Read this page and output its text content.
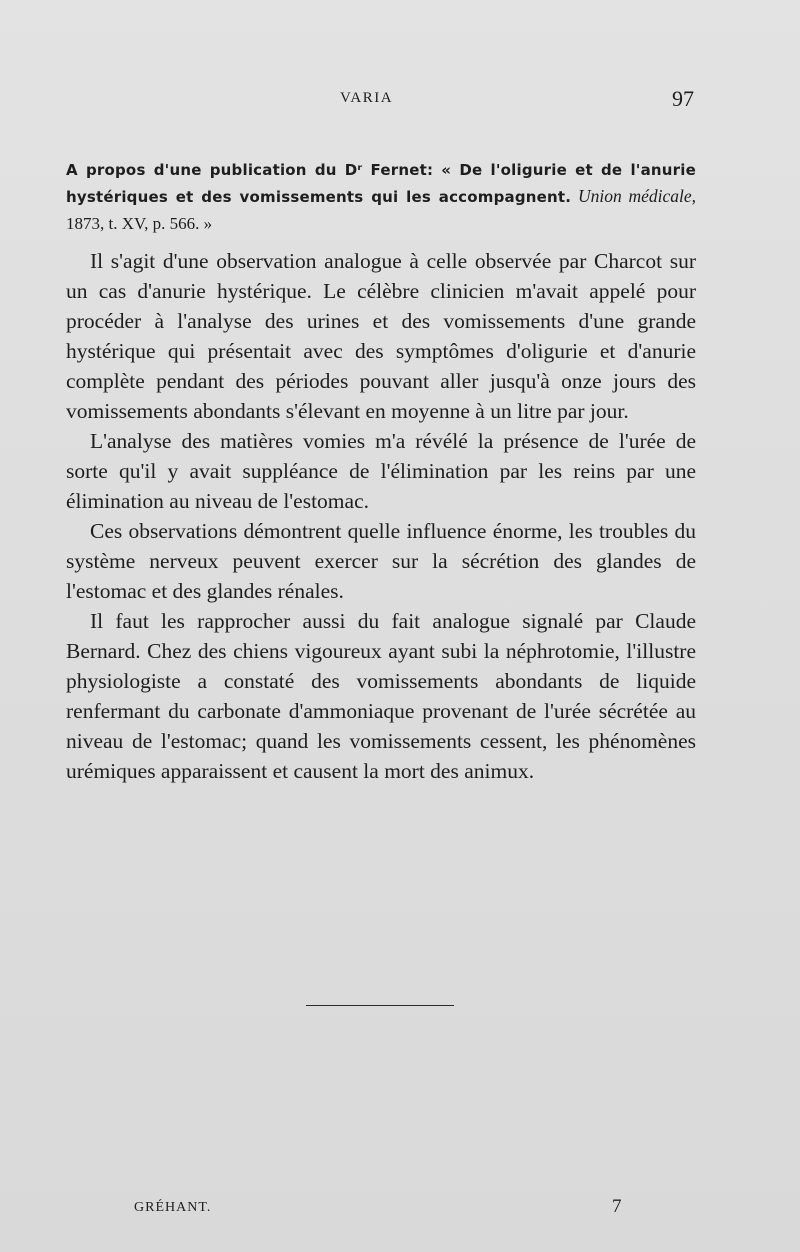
VARIA	97
A propos d'une publication du Dʳ Fernet: « De l'oligurie et de l'anurie hystériques et des vomissements qui les accompagnent. Union médicale, 1873, t. XV, p. 566. »

Il s'agit d'une observation analogue à celle observée par Charcot sur un cas d'anurie hystérique. Le célèbre clinicien m'avait appelé pour procéder à l'analyse des urines et des vomissements d'une grande hystérique qui présentait avec des symptômes d'oligurie et d'anurie complète pendant des périodes pouvant aller jusqu'à onze jours des vomissements abondants s'élevant en moyenne à un litre par jour.

L'analyse des matières vomies m'a révélé la présence de l'urée de sorte qu'il y avait suppléance de l'élimination par les reins par une élimination au niveau de l'estomac.

Ces observations démontrent quelle influence énorme, les troubles du système nerveux peuvent exercer sur la sécrétion des glandes de l'estomac et des glandes rénales.

Il faut les rapprocher aussi du fait analogue signalé par Claude Bernard. Chez des chiens vigoureux ayant subi la néphrotomie, l'illustre physiologiste a constaté des vomissements abondants de liquide renfermant du carbonate d'ammoniaque provenant de l'urée sécrétée au niveau de l'estomac; quand les vomissements cessent, les phénomènes urémiques apparaissent et causent la mort des animux.

GRÉHANT.	7
